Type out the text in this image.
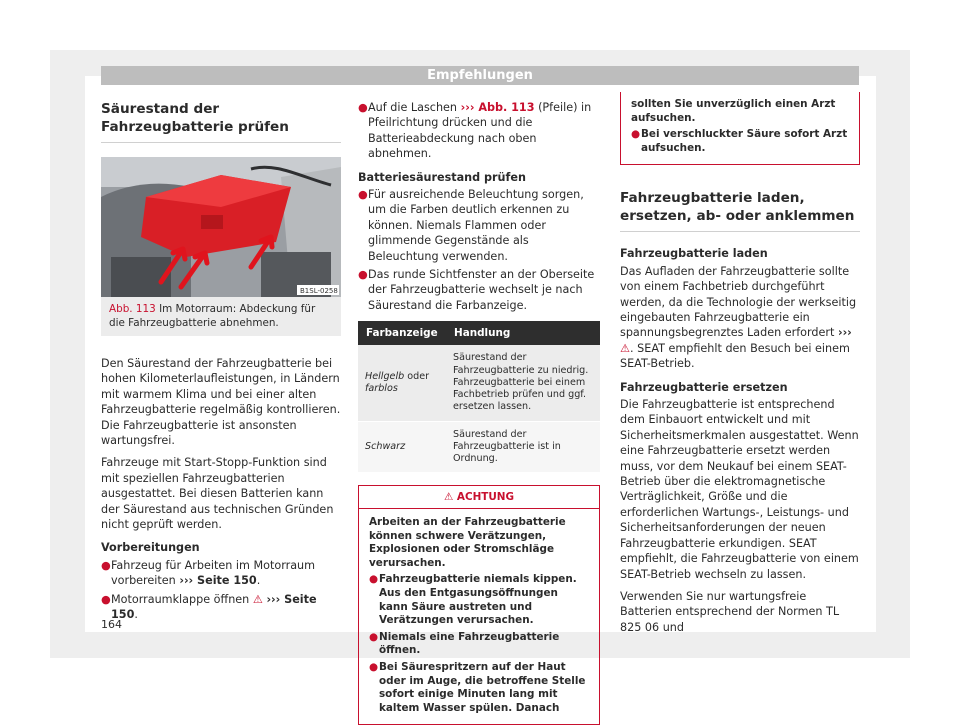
Empfehlungen
Säurestand der Fahrzeugbatterie prüfen
B1SL-0258
Abb. 113 Im Motorraum: Abdeckung für die Fahrzeugbatterie abnehmen.

Den Säurestand der Fahrzeugbatterie bei hohen Kilometerlaufleistungen, in Ländern mit warmem Klima und bei einer alten Fahrzeugbatterie regelmäßig kontrollieren. Die Fahrzeugbatterie ist ansonsten wartungsfrei.

Fahrzeuge mit Start-Stopp-Funktion sind mit speziellen Fahrzeugbatterien ausgestattet. Bei diesen Batterien kann der Säurestand aus technischen Gründen nicht geprüft werden.

Vorbereitungen
● Fahrzeug für Arbeiten im Motorraum vorbereiten ››› Seite 150.
● Motorraumklappe öffnen ⚠ ››› Seite 150.
● Auf die Laschen ››› Abb. 113 (Pfeile) in Pfeilrichtung drücken und die Batterieabdeckung nach oben abnehmen.
Batteriesäurestand prüfen
● Für ausreichende Beleuchtung sorgen, um die Farben deutlich erkennen zu können. Niemals Flammen oder glimmende Gegenstände als Beleuchtung verwenden.
● Das runde Sichtfenster an der Oberseite der Fahrzeugbatterie wechselt je nach Säurestand die Farbanzeige.
Farbanzeige	Handlung
Hellgelb oder farblos	Säurestand der Fahrzeugbatterie zu niedrig. Fahrzeugbatterie bei einem Fachbetrieb prüfen und ggf. ersetzen lassen.
Schwarz	Säurestand der Fahrzeugbatterie ist in Ordnung.
⚠ ACHTUNG
Arbeiten an der Fahrzeugbatterie können schwere Verätzungen, Explosionen oder Stromschläge verursachen.
● Fahrzeugbatterie niemals kippen. Aus den Entgasungsöffnungen kann Säure austreten und Verätzungen verursachen.
● Niemals eine Fahrzeugbatterie öffnen.
● Bei Säurespritzern auf der Haut oder im Auge, die betroffene Stelle sofort einige Minuten lang mit kaltem Wasser spülen. Danach
sollten Sie unverzüglich einen Arzt aufsuchen.
● Bei verschluckter Säure sofort Arzt aufsuchen.
Fahrzeugbatterie laden, ersetzen, ab- oder anklemmen
Fahrzeugbatterie laden

Das Aufladen der Fahrzeugbatterie sollte von einem Fachbetrieb durchgeführt werden, da die Technologie der werkseitig eingebauten Fahrzeugbatterie ein spannungsbegrenztes Laden erfordert ››› ⚠. SEAT empfiehlt den Besuch bei einem SEAT-Betrieb.

Fahrzeugbatterie ersetzen

Die Fahrzeugbatterie ist entsprechend dem Einbauort entwickelt und mit Sicherheitsmerkmalen ausgestattet. Wenn eine Fahrzeugbatterie ersetzt werden muss, vor dem Neukauf bei einem SEAT-Betrieb über die elektromagnetische Verträglichkeit, Größe und die erforderlichen Wartungs-, Leistungs- und Sicherheitsanforderungen der neuen Fahrzeugbatterie erkundigen. SEAT empfiehlt, die Fahrzeugbatterie von einem SEAT-Betrieb wechseln zu lassen.

Verwenden Sie nur wartungsfreie Batterien entsprechend der Normen TL 825 06 und

164
